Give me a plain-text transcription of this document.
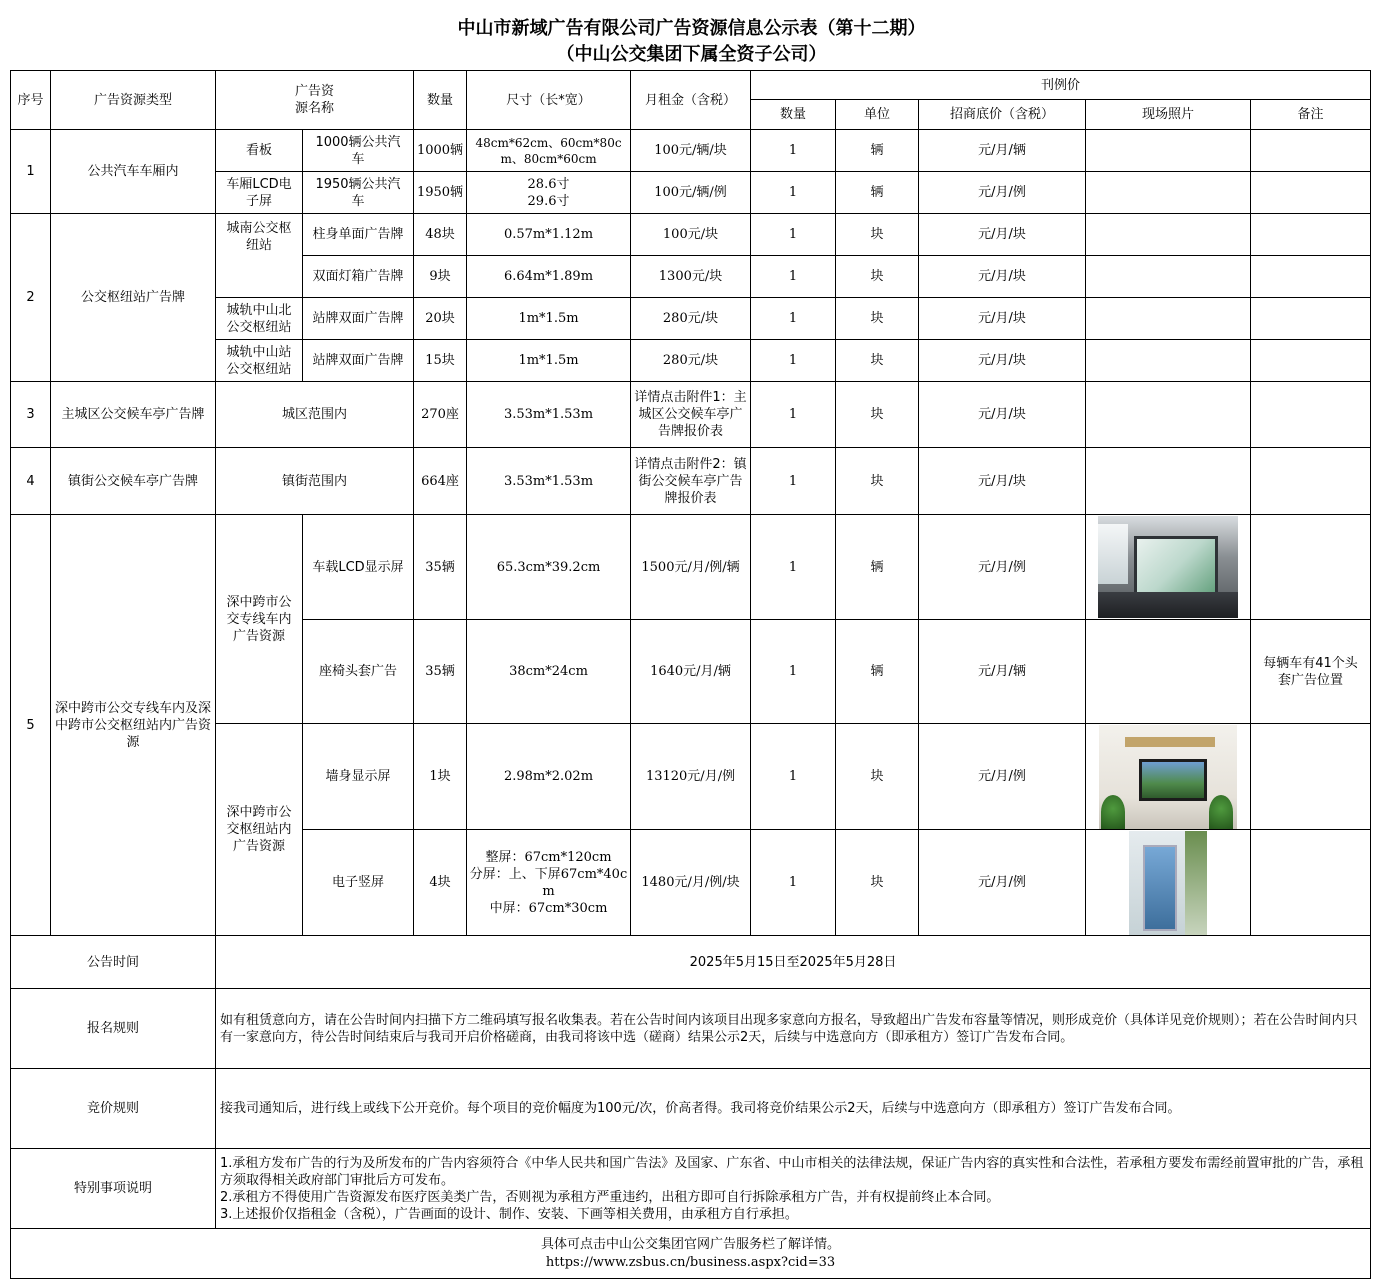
中山市新域广告有限公司广告资源信息公示表（第十二期）
（中山公交集团下属全资子公司）
序号	广告资源类型	广告资源名称		数量	尺寸（长*宽）	月租金（含税）	刊例价				
							数量	单位	招商底价（含税）	现场照片	备注
1	公共汽车车厢内	看板	1000辆公共汽车	1000辆	48cm*62cm、60cm*80cm、80cm*60cm	100元/辆/块	1	辆	元/月/辆		
		车厢LCD电子屏	1950辆公共汽车	1950辆	28.6寸
29.6寸	100元/辆/例	1	辆	元/月/例		
2	公交枢纽站广告牌	城南公交枢纽站	柱身单面广告牌	48块	0.57m*1.12m	100元/块	1	块	元/月/块		
			双面灯箱广告牌	9块	6.64m*1.89m	1300元/块	1	块	元/月/块		
		城轨中山北公交枢纽站	站牌双面广告牌	20块	1m*1.5m	280元/块	1	块	元/月/块		
		城轨中山站公交枢纽站	站牌双面广告牌	15块	1m*1.5m	280元/块	1	块	元/月/块		
3	主城区公交候车亭广告牌	城区范围内		270座	3.53m*1.53m	详情点击附件1：主城区公交候车亭广告牌报价表	1	块	元/月/块		
4	镇街公交候车亭广告牌	镇街范围内		664座	3.53m*1.53m	详情点击附件2：镇街公交候车亭广告牌报价表	1	块	元/月/块		
5	深中跨市公交专线车内及深中跨市公交枢纽站内广告资源	深中跨市公交专线车内广告资源	车载LCD显示屏	35辆	65.3cm*39.2cm	1500元/月/例/辆	1	辆	元/月/例	

			座椅头套广告	35辆	38cm*24cm	1640元/月/辆	1	辆	元/月/辆		每辆车有41个头套广告位置
		深中跨市公交枢纽站内广告资源	墙身显示屏	1块	2.98m*2.02m	13120元/月/例	1	块	元/月/例	

			电子竖屏	4块	整屏：67cm*120cm
分屏：上、下屏67cm*40cm
中屏：67cm*30cm	1480元/月/例/块	1	块	元/月/例	

公告时间		2025年5月15日至2025年5月28日									
报名规则		如有租赁意向方，请在公告时间内扫描下方二维码填写报名收集表。若在公告时间内该项目出现多家意向方报名，导致超出广告发布容量等情况，则形成竞价（具体详见竞价规则）；若在公告时间内只有一家意向方，待公告时间结束后与我司开启价格磋商，由我司将该中选（磋商）结果公示2天，后续与中选意向方（即承租方）签订广告发布合同。									
竞价规则		接我司通知后，进行线上或线下公开竞价。每个项目的竞价幅度为100元/次，价高者得。我司将竞价结果公示2天，后续与中选意向方（即承租方）签订广告发布合同。									
特别事项说明		1.承租方发布广告的行为及所发布的广告内容须符合《中华人民共和国广告法》及国家、广东省、中山市相关的法律法规，保证广告内容的真实性和合法性，若承租方要发布需经前置审批的广告，承租方须取得相关政府部门审批后方可发布。
2.承租方不得使用广告资源发布医疗医美类广告，否则视为承租方严重违约，出租方即可自行拆除承租方广告，并有权提前终止本合同。
3.上述报价仅指租金（含税），广告画面的设计、制作、安装、下画等相关费用，由承租方自行承担。									

具体可点击中山公交集团官网广告服务栏了解详情。
https://www.zsbus.cn/business.aspx?cid=33											
